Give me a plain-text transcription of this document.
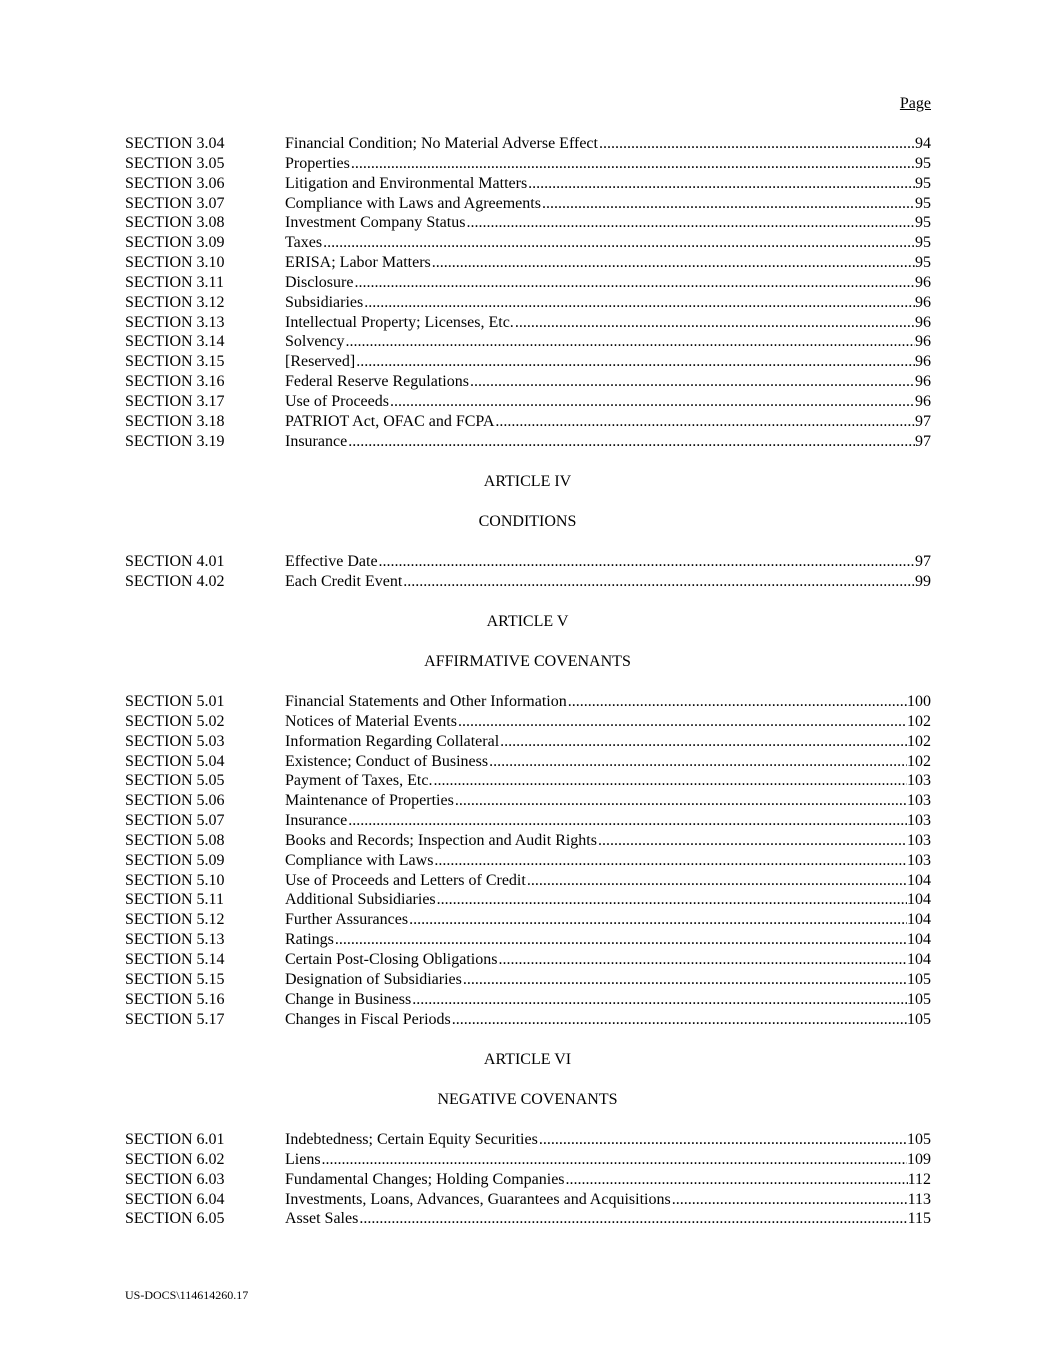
Page
SECTION 3.04	Financial Condition; No Material Adverse Effect .....	94
SECTION 3.05	Properties .....	95
SECTION 3.06	Litigation and Environmental Matters .....	95
SECTION 3.07	Compliance with Laws and Agreements .....	95
SECTION 3.08	Investment Company Status .....	95
SECTION 3.09	Taxes .....	95
SECTION 3.10	ERISA; Labor Matters .....	95
SECTION 3.11	Disclosure .....	96
SECTION 3.12	Subsidiaries .....	96
SECTION 3.13	Intellectual Property; Licenses, Etc. .....	96
SECTION 3.14	Solvency .....	96
SECTION 3.15	[Reserved] .....	96
SECTION 3.16	Federal Reserve Regulations .....	96
SECTION 3.17	Use of Proceeds .....	96
SECTION 3.18	PATRIOT Act, OFAC and FCPA .....	97
SECTION 3.19	Insurance .....	97
ARTICLE IV
CONDITIONS
SECTION 4.01	Effective Date .....	97
SECTION 4.02	Each Credit Event .....	99
ARTICLE V
AFFIRMATIVE COVENANTS
SECTION 5.01	Financial Statements and Other Information .....	100
SECTION 5.02	Notices of Material Events .....	102
SECTION 5.03	Information Regarding Collateral .....	102
SECTION 5.04	Existence; Conduct of Business .....	102
SECTION 5.05	Payment of Taxes, Etc. .....	103
SECTION 5.06	Maintenance of Properties .....	103
SECTION 5.07	Insurance .....	103
SECTION 5.08	Books and Records; Inspection and Audit Rights .....	103
SECTION 5.09	Compliance with Laws .....	103
SECTION 5.10	Use of Proceeds and Letters of Credit .....	104
SECTION 5.11	Additional Subsidiaries .....	104
SECTION 5.12	Further Assurances .....	104
SECTION 5.13	Ratings .....	104
SECTION 5.14	Certain Post-Closing Obligations .....	104
SECTION 5.15	Designation of Subsidiaries .....	105
SECTION 5.16	Change in Business .....	105
SECTION 5.17	Changes in Fiscal Periods .....	105
ARTICLE VI
NEGATIVE COVENANTS
SECTION 6.01	Indebtedness; Certain Equity Securities .....	105
SECTION 6.02	Liens .....	109
SECTION 6.03	Fundamental Changes; Holding Companies .....	112
SECTION 6.04	Investments, Loans, Advances, Guarantees and Acquisitions .....	113
SECTION 6.05	Asset Sales .....	115
US-DOCS\114614260.17
